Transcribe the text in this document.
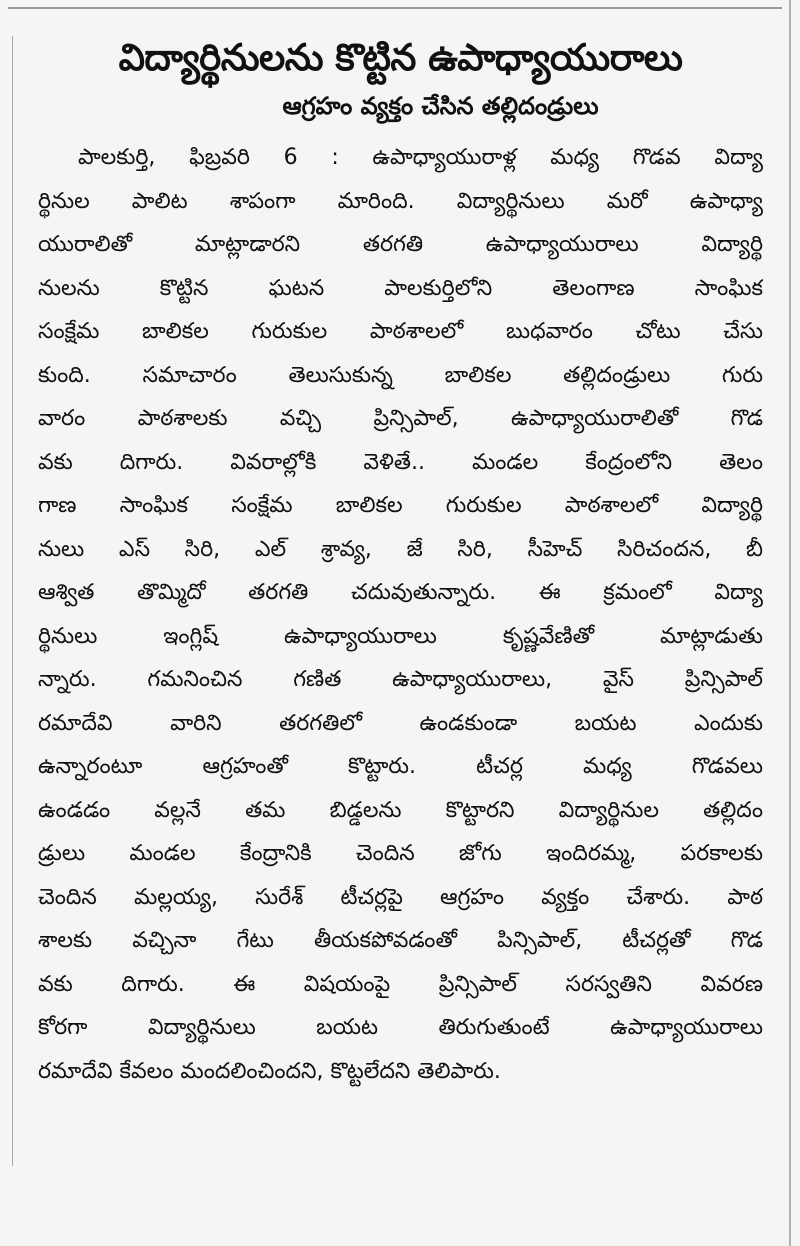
విద్యార్థినులను కొట్టిన ఉపాధ్యాయురాలు
ఆగ్రహం వ్యక్తం చేసిన తల్లిదండ్రులు
పాలకుర్తి, ఫిబ్రవరి 6 : ఉపాధ్యాయురాళ్ల మధ్య గొడవ విద్యా
ర్థినుల పాలిట శాపంగా మారింది. విద్యార్థినులు మరో ఉపాధ్యా
యురాలితో మాట్లాడారని తరగతి ఉపాధ్యాయురాలు విద్యార్థి
నులను కొట్టిన ఘటన పాలకుర్తిలోని తెలంగాణ సాంఘిక
సంక్షేమ బాలికల గురుకుల పాఠశాలలో బుధవారం చోటు చేసు
కుంది. సమాచారం తెలుసుకున్న బాలికల తల్లిదండ్రులు గురు
వారం పాఠశాలకు వచ్చి ప్రిన్సిపాల్, ఉపాధ్యాయురాలితో గొడ
వకు దిగారు. వివరాల్లోకి వెళితే.. మండల కేంద్రంలోని తెలం
గాణ సాంఘిక సంక్షేమ బాలికల గురుకుల పాఠశాలలో విద్యార్థి
నులు ఎస్ సిరి, ఎల్ శ్రావ్య, జే సిరి, సీహెచ్ సిరిచందన, బీ
ఆశ్విత తొమ్మిదో తరగతి చదువుతున్నారు. ఈ క్రమంలో విద్యా
ర్థినులు ఇంగ్లిష్ ఉపాధ్యాయురాలు కృష్ణవేణితో మాట్లాడుతు
న్నారు. గమనించిన గణిత ఉపాధ్యాయురాలు, వైస్ ప్రిన్సిపాల్
రమాదేవి వారిని తరగతిలో ఉండకుండా బయట ఎందుకు
ఉన్నారంటూ ఆగ్రహంతో కొట్టారు. టీచర్ల మధ్య గొడవలు
ఉండడం వల్లనే తమ బిడ్డలను కొట్టారని విద్యార్థినుల తల్లిదం
డ్రులు మండల కేంద్రానికి చెందిన జోగు ఇందిరమ్మ, పరకాలకు
చెందిన మల్లయ్య, సురేశ్ టీచర్లపై ఆగ్రహం వ్యక్తం చేశారు. పాఠ
శాలకు వచ్చినా గేటు తీయకపోవడంతో పిన్సిపాల్, టీచర్లతో గొడ
వకు దిగారు. ఈ విషయంపై ప్రిన్సిపాల్ సరస్వతిని వివరణ
కోరగా విద్యార్థినులు బయట తిరుగుతుంటే ఉపాధ్యాయురాలు
రమాదేవి కేవలం మందలించిందని, కొట్టలేదని తెలిపారు.
